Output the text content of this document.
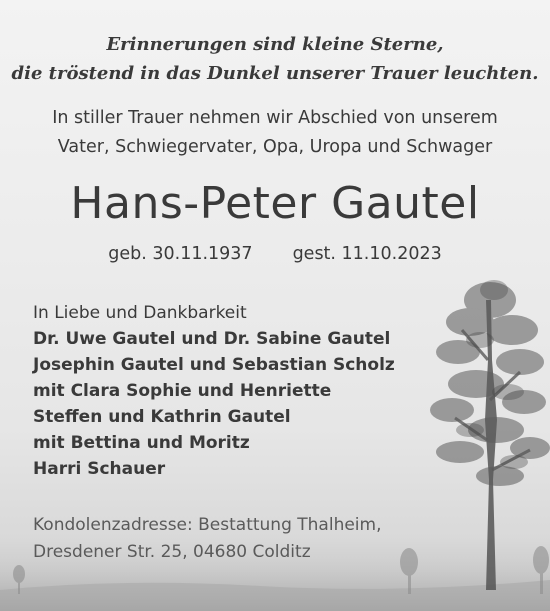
Erinnerungen sind kleine Sterne,
die tröstend in das Dunkel unserer Trauer leuchten.
In stiller Trauer nehmen wir Abschied von unserem
Vater, Schwiegervater, Opa, Uropa und Schwager
Hans-Peter Gautel
geb. 30.11.1937 gest. 11.10.2023
In Liebe und Dankbarkeit
Dr. Uwe Gautel und Dr. Sabine Gautel
Josephin Gautel und Sebastian Scholz
mit Clara Sophie und Henriette
Steffen und Kathrin Gautel
mit Bettina und Moritz
Harri Schauer
Kondolenzadresse: Bestattung Thalheim,
Dresdener Str. 25, 04680 Colditz
